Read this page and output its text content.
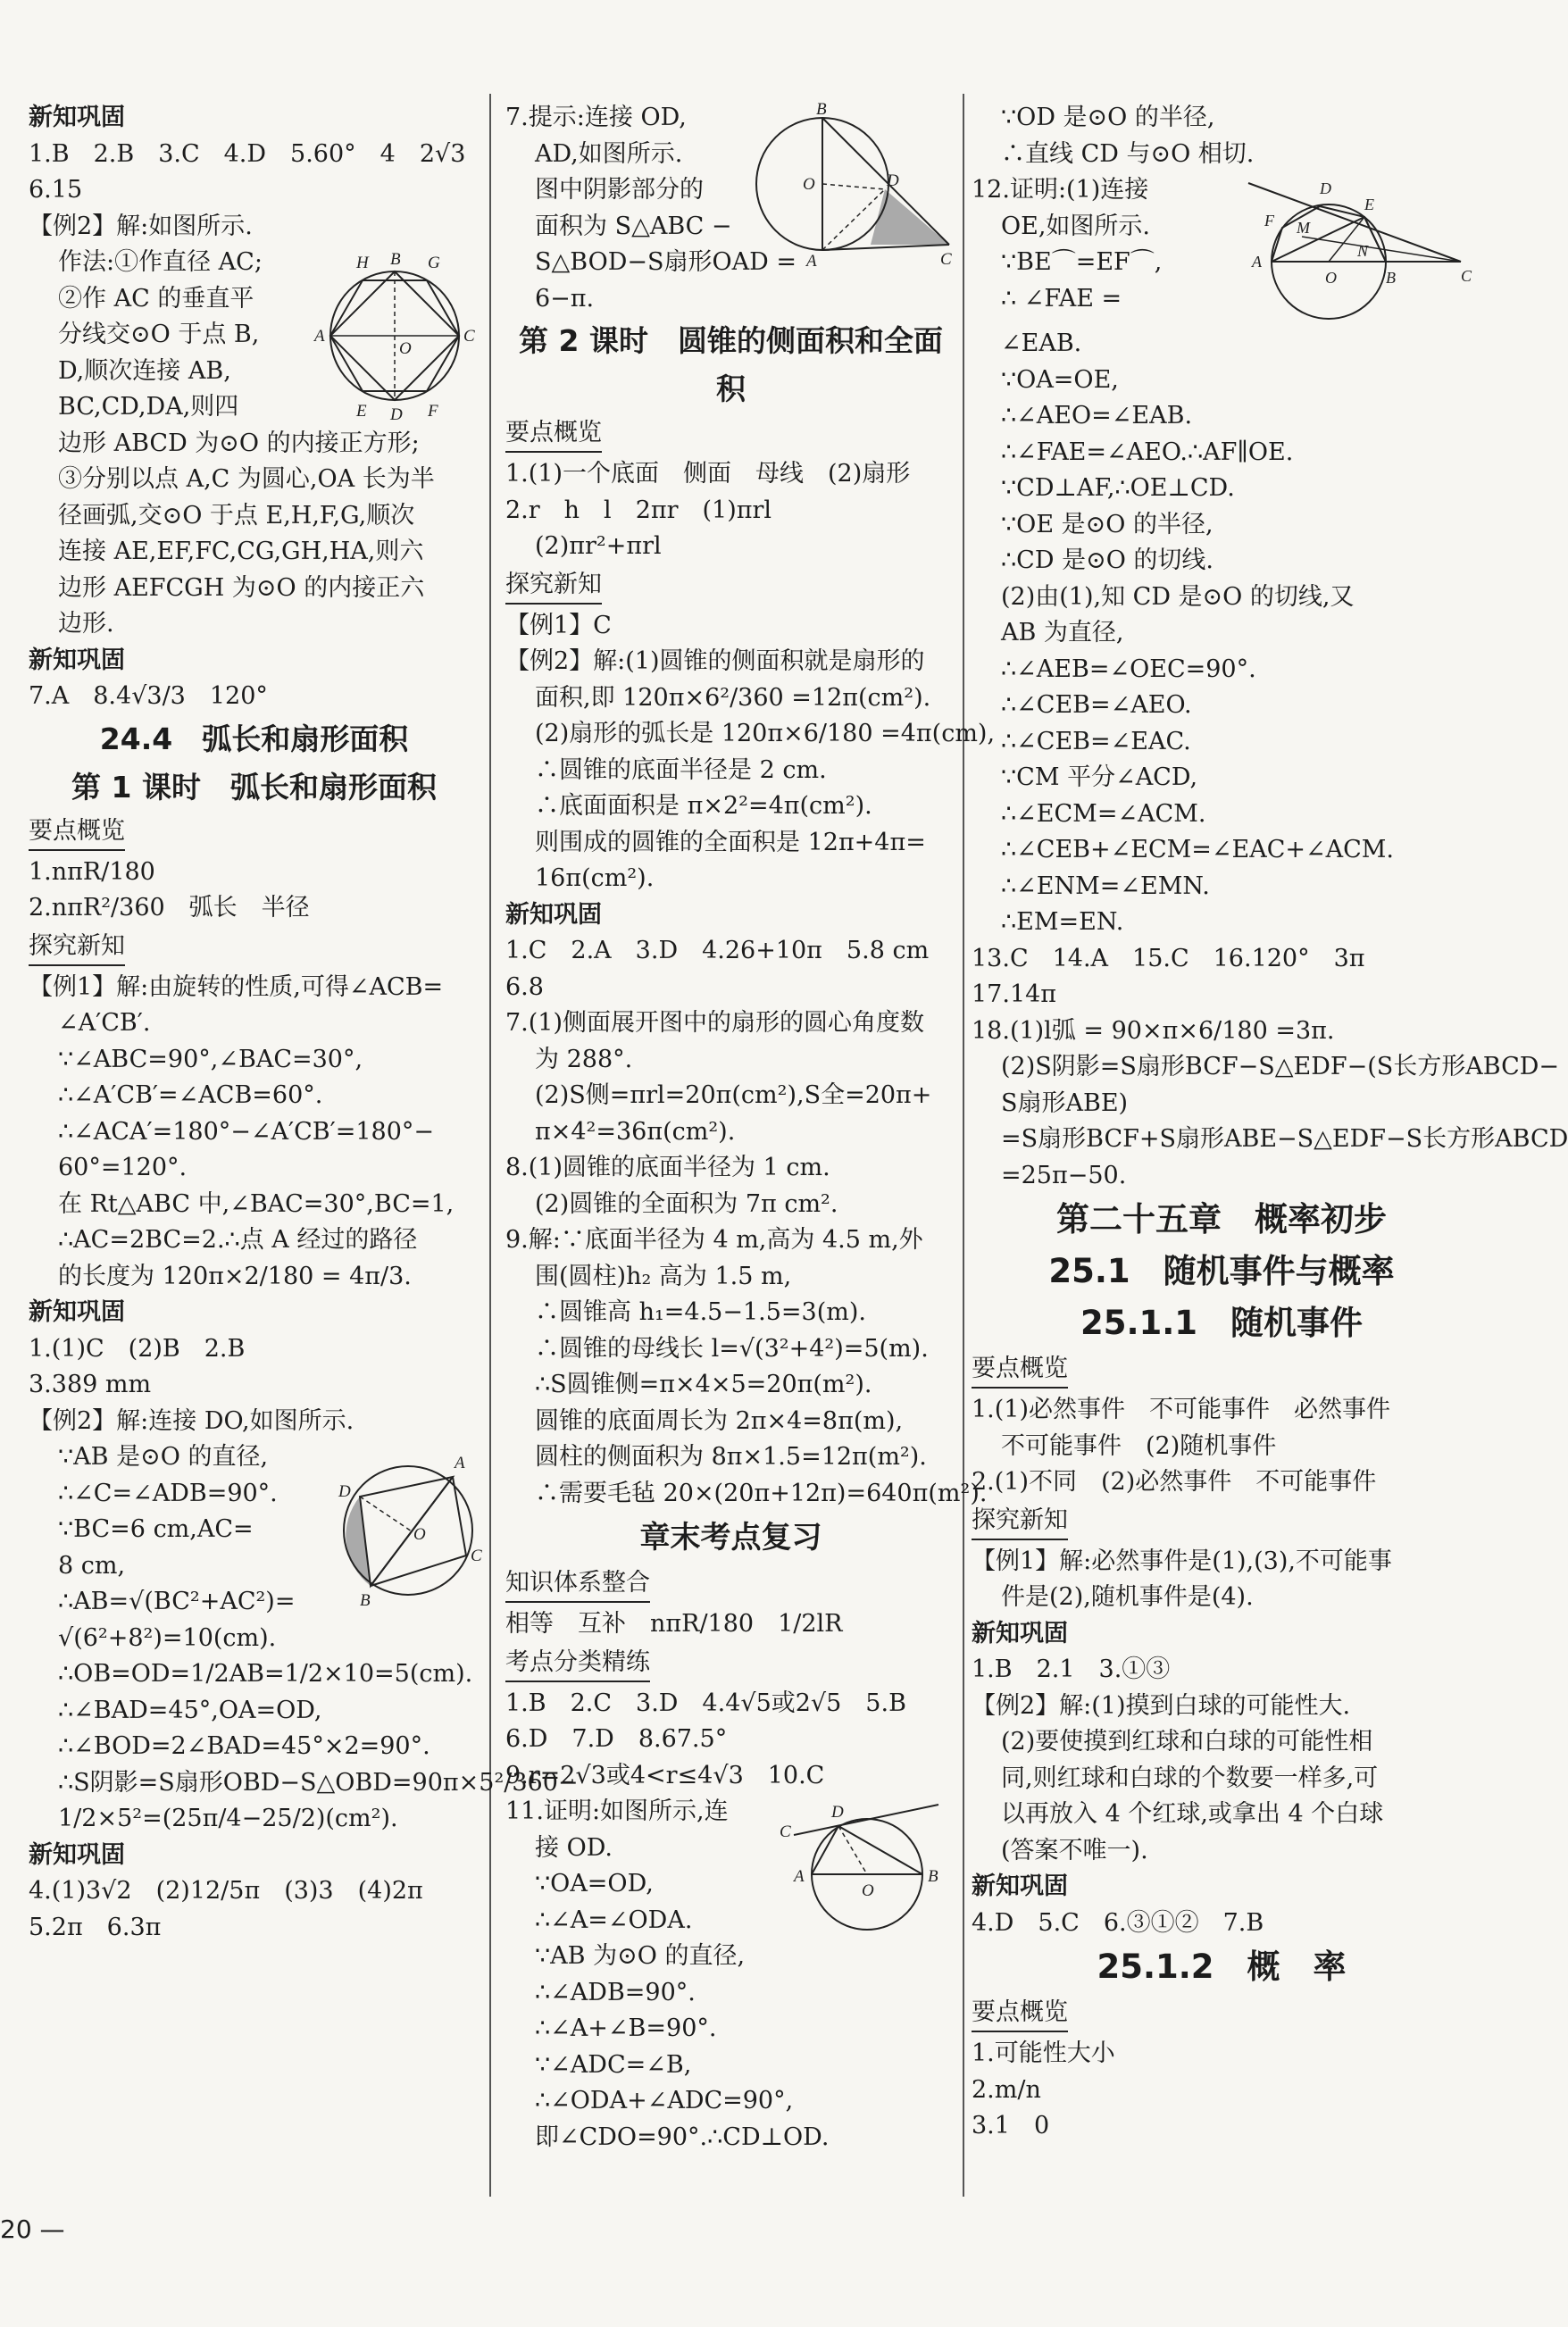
新知巩固
1.B　2.B　3.C　4.D　5.60°　4　2√3
6.15
【例2】解:如图所示.
H B G
A
O
C
E D F
作法:①作直径 AC;
②作 AC 的垂直平
分线交⊙O 于点 B,
D,顺次连接 AB,
BC,CD,DA,则四
边形 ABCD 为⊙O 的内接正方形;
③分别以点 A,C 为圆心,OA 长为半
径画弧,交⊙O 于点 E,H,F,G,顺次
连接 AE,EF,FC,CG,GH,HA,则六
边形 AEFCGH 为⊙O 的内接正六
边形.
新知巩固
7.A　8.4√3/3　120°
24.4　弧长和扇形面积
第 1 课时　弧长和扇形面积
要点概览
1.nπR/180
2.nπR²/360　弧长　半径
探究新知
【例1】解:由旋转的性质,可得∠ACB=
∠A′CB′.
∵∠ABC=90°,∠BAC=30°,
∴∠A′CB′=∠ACB=60°.
∴∠ACA′=180°−∠A′CB′=180°−
60°=120°.
在 Rt△ABC 中,∠BAC=30°,BC=1,
∴AC=2BC=2.∴点 A 经过的路径
的长度为 120π×2/180 = 4π/3.
新知巩固
1.(1)C　(2)B　2.B
3.389 mm
【例2】解:连接 DO,如图所示.
A
D
O
C
B
∵AB 是⊙O 的直径,
∴∠C=∠ADB=90°.
∵BC=6 cm,AC=
8 cm,
∴AB=√(BC²+AC²)=
√(6²+8²)=10(cm).
∴OB=OD=1/2AB=1/2×10=5(cm).
∴∠BAD=45°,OA=OD,
∴∠BOD=2∠BAD=45°×2=90°.
∴S阴影=S扇形OBD−S△OBD=90π×5²/360−
1/2×5²=(25π/4−25/2)(cm²).
新知巩固
4.(1)3√2　(2)12/5π　(3)3　(4)2π
5.2π　6.3π
B
O	D
A	C
7.提示:连接 OD,
AD,如图所示.
图中阴影部分的
面积为 S△ABC −
S△BOD−S扇形OAD =
6−π.
第 2 课时　圆锥的侧面积和全面积
要点概览
1.(1)一个底面　侧面　母线　(2)扇形
2.r　h　l　2πr　(1)πrl
(2)πr²+πrl
探究新知
【例1】C
【例2】解:(1)圆锥的侧面积就是扇形的
面积,即 120π×6²/360 =12π(cm²).
(2)扇形的弧长是 120π×6/180 =4π(cm),
∴圆锥的底面半径是 2 cm.
∴底面面积是 π×2²=4π(cm²).
则围成的圆锥的全面积是 12π+4π=
16π(cm²).
新知巩固
1.C　2.A　3.D　4.26+10π　5.8 cm
6.8
7.(1)侧面展开图中的扇形的圆心角度数
为 288°.
(2)S侧=πrl=20π(cm²),S全=20π+
π×4²=36π(cm²).
8.(1)圆锥的底面半径为 1 cm.
(2)圆锥的全面积为 7π cm².
9.解:∵底面半径为 4 m,高为 4.5 m,外
围(圆柱)h₂ 高为 1.5 m,
∴圆锥高 h₁=4.5−1.5=3(m).
∴圆锥的母线长 l=√(3²+4²)=5(m).
∴S圆锥侧=π×4×5=20π(m²).
圆锥的底面周长为 2π×4=8π(m),
圆柱的侧面积为 8π×1.5=12π(m²).
∴需要毛毡 20×(20π+12π)=640π(m²).
章末考点复习
知识体系整合
相等　互补　nπR/180　1/2lR
考点分类精练
1.B　2.C　3.D　4.4√5或2√5　5.B
6.D　7.D　8.67.5°
9.r=2√3或4<r≤4√3　10.C
C
D
A
O
B
11.证明:如图所示,连
接 OD.
∵OA=OD,
∴∠A=∠ODA.
∵AB 为⊙O 的直径,
∴∠ADB=90°.
∴∠A+∠B=90°.
∵∠ADC=∠B,
∴∠ODA+∠ADC=90°,
即∠CDO=90°.∴CD⊥OD.
∵OD 是⊙O 的半径,
∴直线 CD 与⊙O 相切.
D
E
F M
A
N
O	B	C
12.证明:(1)连接
OE,如图所示.
∵BE⌒=EF⌒,
∴ ∠FAE =
∠EAB.
∵OA=OE,
∴∠AEO=∠EAB.
∴∠FAE=∠AEO.∴AF∥OE.
∵CD⊥AF,∴OE⊥CD.
∵OE 是⊙O 的半径,
∴CD 是⊙O 的切线.
(2)由(1),知 CD 是⊙O 的切线,又
AB 为直径,
∴∠AEB=∠OEC=90°.
∴∠CEB=∠AEO.
∴∠CEB=∠EAC.
∵CM 平分∠ACD,
∴∠ECM=∠ACM.
∴∠CEB+∠ECM=∠EAC+∠ACM.
∴∠ENM=∠EMN.
∴EM=EN.
13.C　14.A　15.C　16.120°　3π
17.14π
18.(1)l弧 = 90×π×6/180 =3π.
(2)S阴影=S扇形BCF−S△EDF−(S长方形ABCD−
S扇形ABE)
=S扇形BCF+S扇形ABE−S△EDF−S长方形ABCD
=25π−50.
第二十五章　概率初步
25.1　随机事件与概率
25.1.1　随机事件
要点概览
1.(1)必然事件　不可能事件　必然事件
不可能事件　(2)随机事件
2.(1)不同　(2)必然事件　不可能事件
探究新知
【例1】解:必然事件是(1),(3),不可能事
件是(2),随机事件是(4).
新知巩固
1.B　2.1　3.①③
【例2】解:(1)摸到白球的可能性大.
(2)要使摸到红球和白球的可能性相
同,则红球和白球的个数要一样多,可
以再放入 4 个红球,或拿出 4 个白球
(答案不唯一).
新知巩固
4.D　5.C　6.③①②　7.B
25.1.2　概　率
要点概览
1.可能性大小
2.m/n
3.1　0
20 —
